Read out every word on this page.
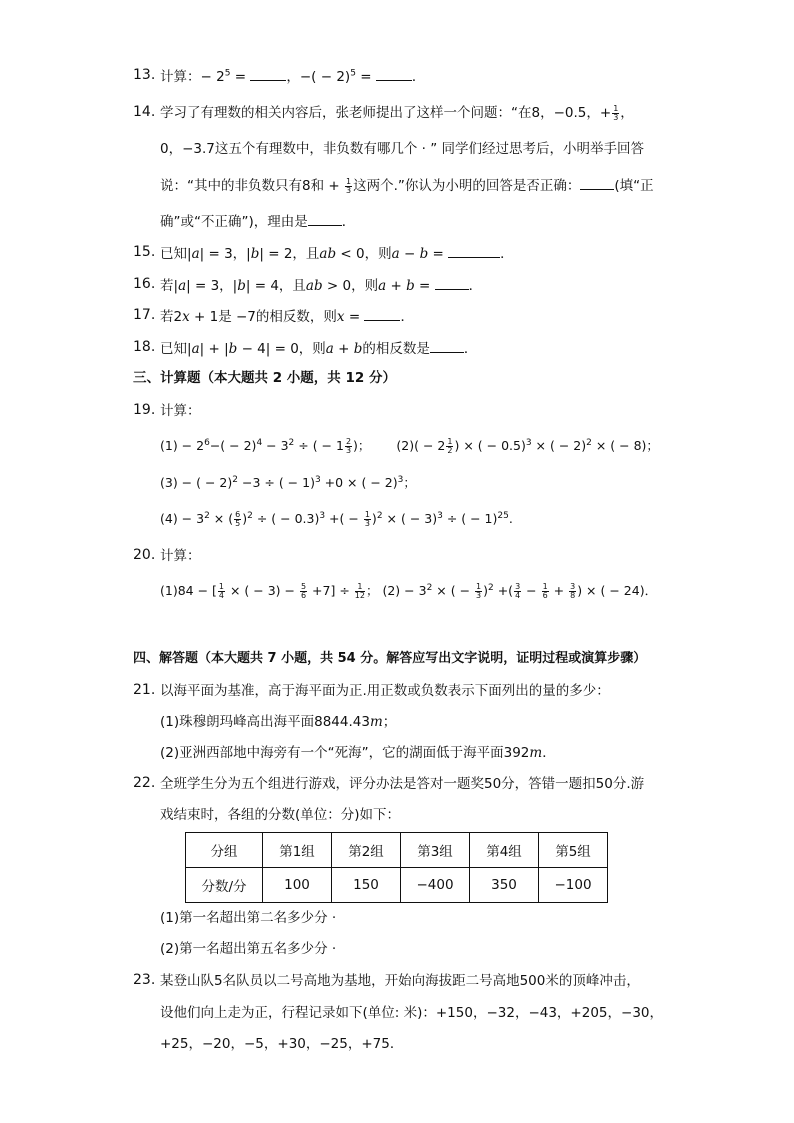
13. 计算：− $2^5$ =	，−( − 2)$^5$ =	．
14. 学习了有理数的相关内容后，张老师提出了这样一个问题：“在8，−0.5，+ $\frac{1}{3}$ ，
0，−3.7这五个有理数中，非负数有哪几个 · ” 同学们经过思考后，小明举手回答
说：“其中的非负数只有8和 + $\frac{1}{3}$ 这两个.”你认为小明的回答是否正确：	(填“正
确”或“不正确”)，理由是	．
15. 已知|a| = 3，|b| = 2，且ab < 0，则a − b =	．
16. 若|a| = 3，|b| = 4，且ab > 0，则a + b =	．
17. 若2x + 1是 −7的相反数，则x =	．
18. 已知|a| + |b − 4| = 0，则a + b的相反数是	．
三、计算题（本大题共 2 小题，共 12 分）
19. 计算：
$(1) - 2^6-( - 2)^4 - 3^2$ ÷ ( − $1 \frac{2}{3}$ )； $(2)( - 2 \frac{1}{2}$ ) × ( − 0.5)$^3$ × ( − 2)$^2$ × ( − 8)；
(3) − ( − 2)$^2$ −3 ÷ ( − 1)$^3$ +0 × ( − 2)$^3$；
$(4) - 3^2$ × ( $\frac{6}{5} )^2$ ÷ ( − 0.3)$^3$ +( − $\frac{1}{3} )^2$ × ( − 3)$^3$ ÷ ( − 1)$^{25}$.
20. 计算：
(1)84 − [ $\frac{1}{4}$ × ( − $3) - \frac{5}{6} +7] \div \frac{1}{12}$ ； $(2) - 3^2$ × ( − $\frac{1}{3} )^2$ +( $\frac{3}{4} - \frac{1}{6} + \frac{3}{8}$ ) × ( − 24)．
四、解答题（本大题共 7 小题，共 54 分。解答应写出文字说明，证明过程或演算步骤）
21. 以海平面为基准，高于海平面为正.用正数或负数表示下面列出的量的多少：
(1)珠穆朗玛峰高出海平面8844.43m；
(2)亚洲西部地中海旁有一个“死海”，它的湖面低于海平面392m．
22. 全班学生分为五个组进行游戏，评分办法是答对一题奖50分，答错一题扣50分.游
戏结束时，各组的分数(单位：分)如下：
分组	第1组	第2组	第3组	第4组	第5组
分数/分	100	150	−400	350	−100
(1)第一名超出第二名多少分 ·
(2)第一名超出第五名多少分 ·
23. 某登山队5名队员以二号高地为基地，开始向海拔距二号高地500米的顶峰冲击，
设他们向上走为正，行程记录如下(单位: 米)：+150，−32，−43，+205，−30，
+25，−20，−5，+30，−25，+75．
